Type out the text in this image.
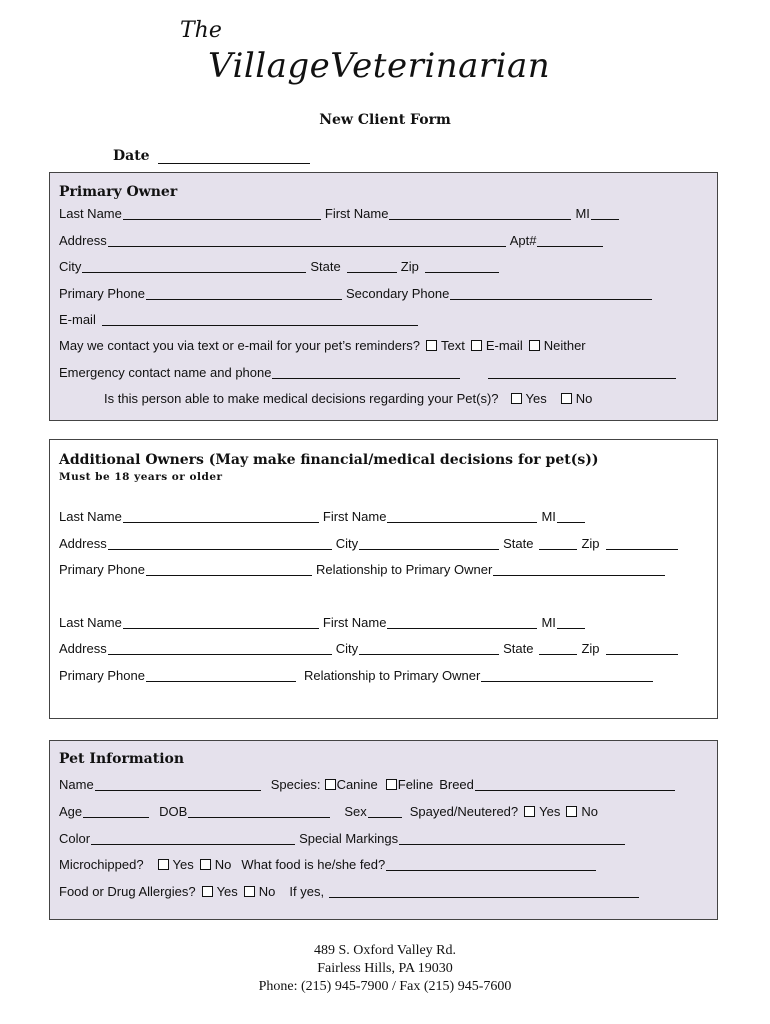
The
VillageVeterinarian
New Client Form
Date
Primary Owner
Last Name	First Name	MI
Address	Apt#
City	State	Zip
Primary Phone	Secondary Phone
E-mail
May we contact you via text or e-mail for your pet’s reminders? Text E-mail Neither
Emergency contact name and phone
Is this person able to make medical decisions regarding your Pet(s)? Yes No
Additional Owners (May make financial/medical decisions for pet(s))
Must be 18 years or older
Last Name	First Name	MI
Address	City	State	Zip
Primary Phone	Relationship to Primary Owner
Last Name	First Name	MI
Address	City	State	Zip
Primary Phone	Relationship to Primary Owner
Pet Information
Name	Species: Canine Feline Breed
Age	DOB	Sex	Spayed/Neutered? Yes No
Color	Special Markings
Microchipped? Yes No What food is he/she fed?
Food or Drug Allergies? Yes No If yes,
489 S. Oxford Valley Rd.
Fairless Hills, PA 19030
Phone: (215) 945-7900 / Fax (215) 945-7600
